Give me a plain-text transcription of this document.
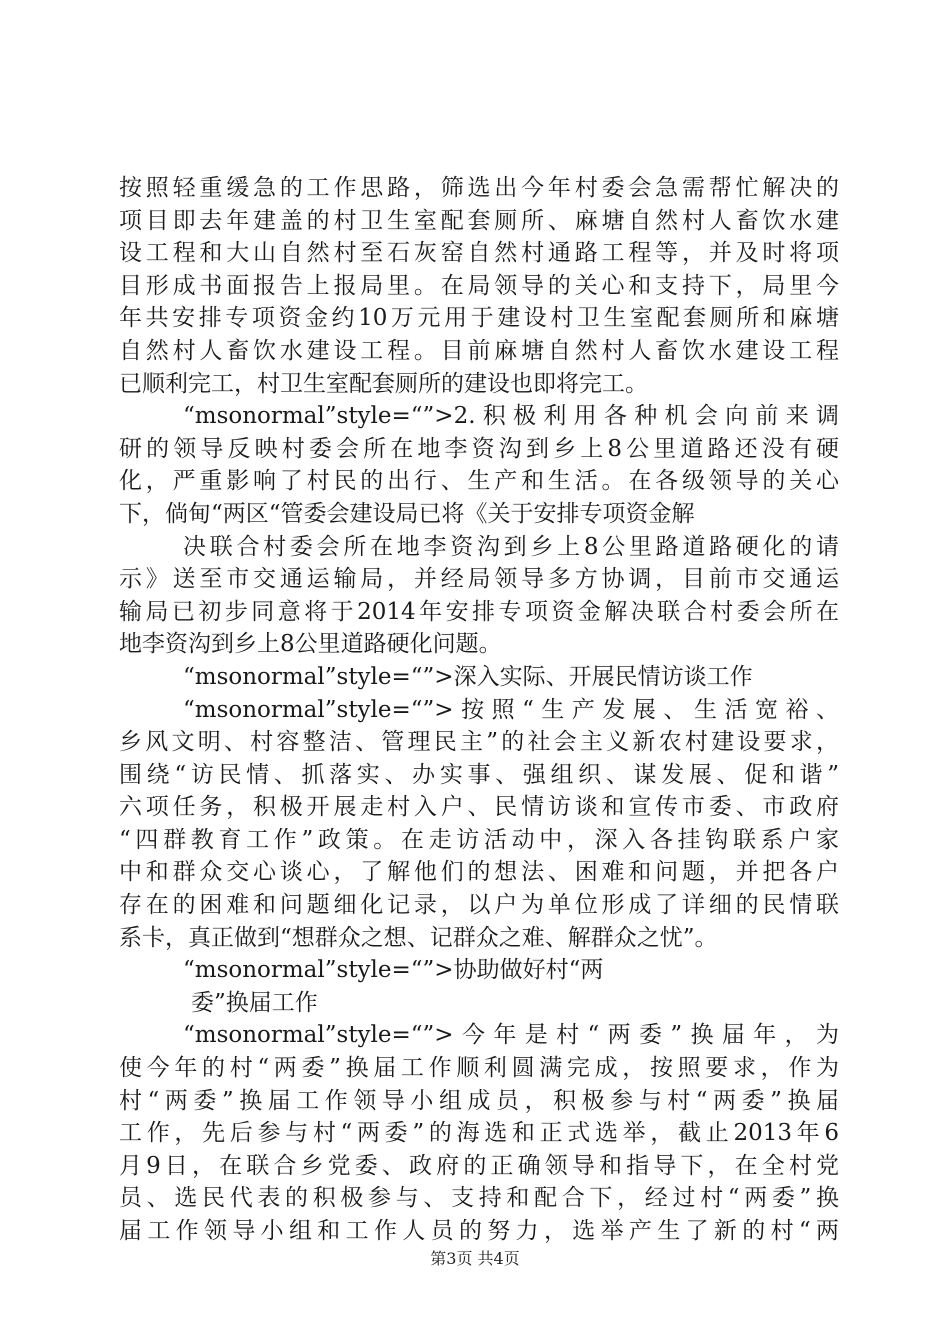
按照轻重缓急的工作思路，筛选出今年村委会急需帮忙解决的
项目即去年建盖的村卫生室配套厕所、麻塘自然村人畜饮水建
设工程和大山自然村至石灰窑自然村通路工程等，并及时将项
目形成书面报告上报局里。在局领导的关心和支持下，局里今
年共安排专项资金约10万元用于建设村卫生室配套厕所和麻塘
自然村人畜饮水建设工程。目前麻塘自然村人畜饮水建设工程
已顺利完工，村卫生室配套厕所的建设也即将完工。
“msonormal”style=“”>2.积极利用各种机会向前来调
研的领导反映村委会所在地李资沟到乡上8公里道路还没有硬
化，严重影响了村民的出行、生产和生活。在各级领导的关心
下，倘甸“两区“管委会建设局已将《关于安排专项资金解
决联合村委会所在地李资沟到乡上8公里路道路硬化的请
示》送至市交通运输局，并经局领导多方协调，目前市交通运
输局已初步同意将于2014年安排专项资金解决联合村委会所在
地李资沟到乡上8公里道路硬化问题。
“msonormal”style=“”>深入实际、开展民情访谈工作
“msonormal”style=“”>按照“生产发展、生活宽裕、
乡风文明、村容整洁、管理民主”的社会主义新农村建设要求，
围绕“访民情、抓落实、办实事、强组织、谋发展、促和谐”
六项任务，积极开展走村入户、民情访谈和宣传市委、市政府
“四群教育工作”政策。在走访活动中，深入各挂钩联系户家
中和群众交心谈心，了解他们的想法、困难和问题，并把各户
存在的困难和问题细化记录，以户为单位形成了详细的民情联
系卡，真正做到“想群众之想、记群众之难、解群众之忧”。
“msonormal”style=“”>协助做好村“两
委”换届工作
“msonormal”style=“”>今年是村“两委”换届年，为
使今年的村“两委”换届工作顺利圆满完成，按照要求，作为
村“两委”换届工作领导小组成员，积极参与村“两委”换届
工作，先后参与村“两委”的海选和正式选举，截止2013年6
月9日，在联合乡党委、政府的正确领导和指导下，在全村党
员、选民代表的积极参与、支持和配合下，经过村“两委”换
届工作领导小组和工作人员的努力，选举产生了新的村“两
第3页 共4页
